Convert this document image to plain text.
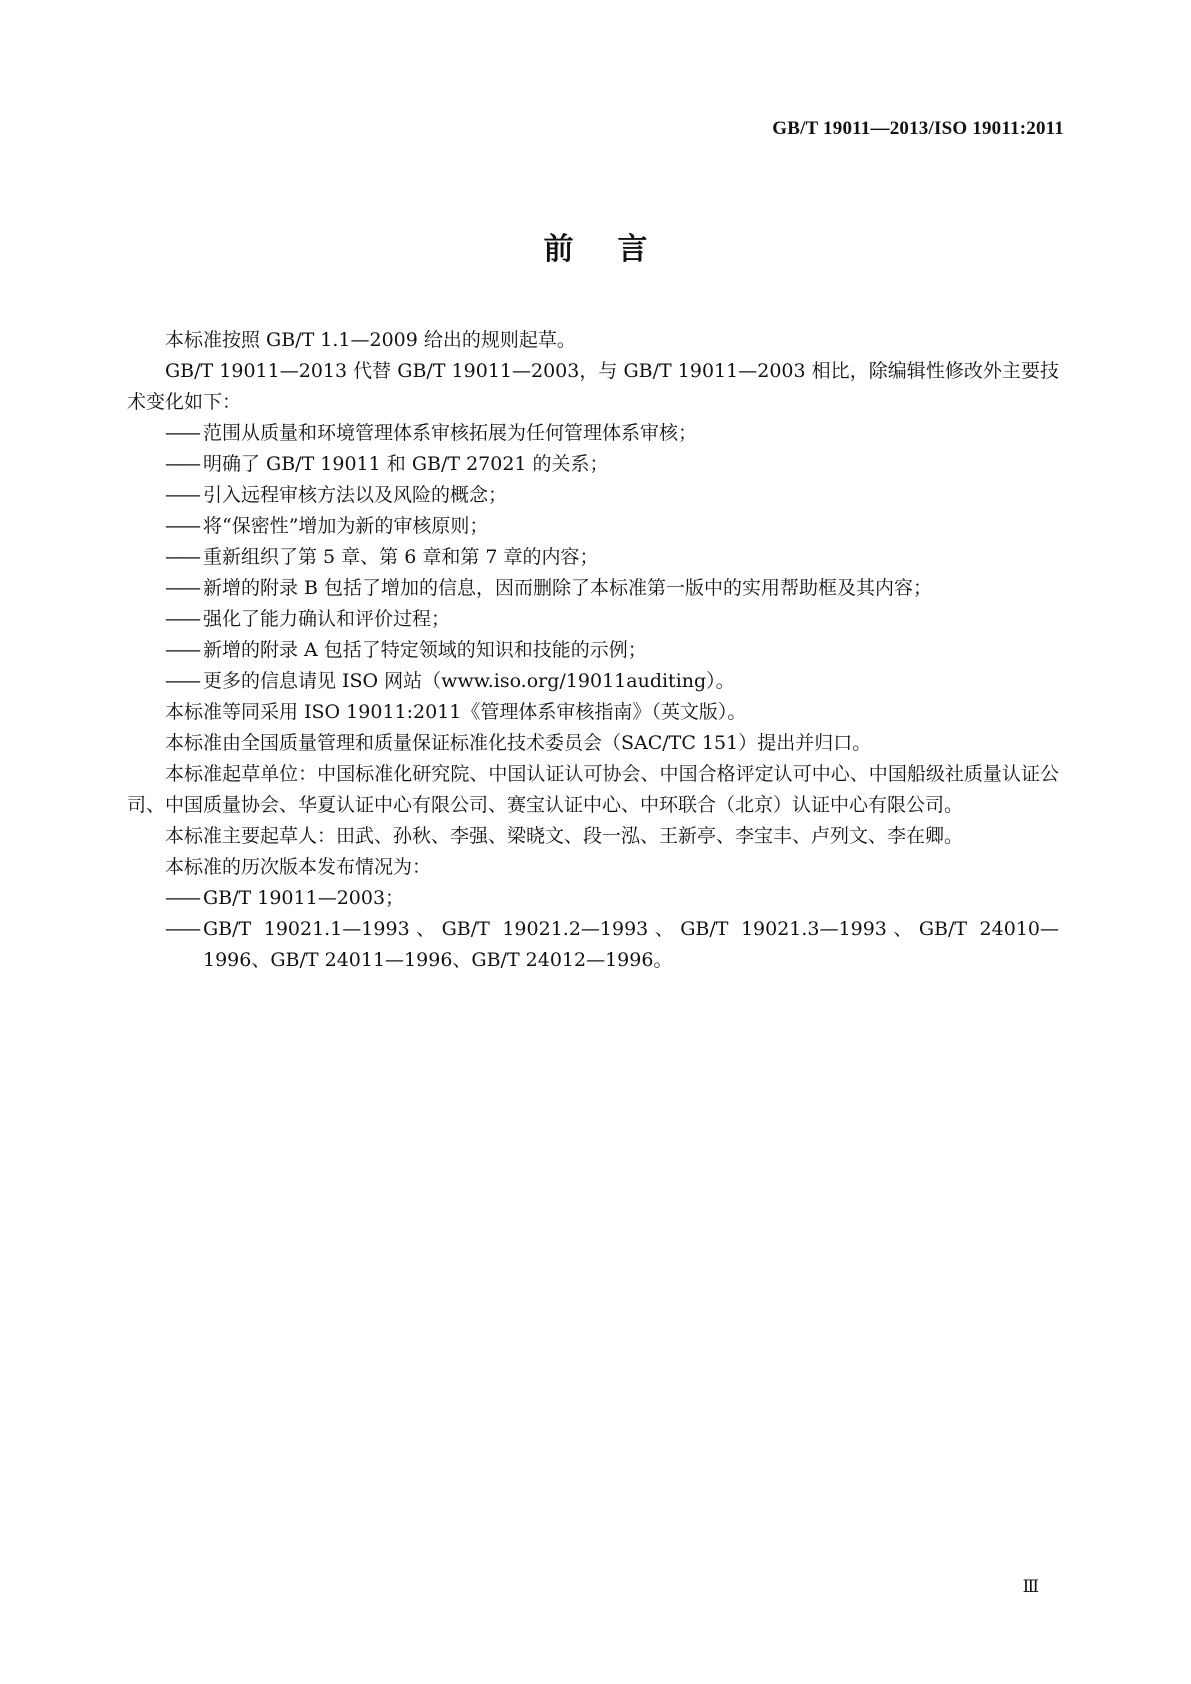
GB/T 19011—2013/ISO 19011:2011
前言

本标准按照 GB/T 1.1—2009 给出的规则起草。

GB/T 19011—2013 代替 GB/T 19011—2003，与 GB/T 19011—2003 相比，除编辑性修改外主要技术变化如下：

—— 范围从质量和环境管理体系审核拓展为任何管理体系审核；

—— 明确了 GB/T 19011 和 GB/T 27021 的关系；

—— 引入远程审核方法以及风险的概念；

—— 将“保密性”增加为新的审核原则；

—— 重新组织了第 5 章、第 6 章和第 7 章的内容；

—— 新增的附录 B 包括了增加的信息，因而删除了本标准第一版中的实用帮助框及其内容；

—— 强化了能力确认和评价过程；

—— 新增的附录 A 包括了特定领域的知识和技能的示例；

—— 更多的信息请见 ISO 网站（www.iso.org/19011auditing）。

本标准等同采用 ISO 19011:2011《管理体系审核指南》（英文版）。

本标准由全国质量管理和质量保证标准化技术委员会（SAC/TC 151）提出并归口。

本标准起草单位：中国标准化研究院、中国认证认可协会、中国合格评定认可中心、中国船级社质量认证公司、中国质量协会、华夏认证中心有限公司、赛宝认证中心、中环联合（北京）认证中心有限公司。

本标准主要起草人：田武、孙秋、李强、梁晓文、段一泓、王新亭、李宝丰、卢列文、李在卿。

本标准的历次版本发布情况为：

—— GB/T 19011—2003；

—— GB/T 19021.1—1993、GB/T 19021.2—1993、GB/T 19021.3—1993、GB/T 24010—1996、GB/T 24011—1996、GB/T 24012—1996。

Ⅲ
